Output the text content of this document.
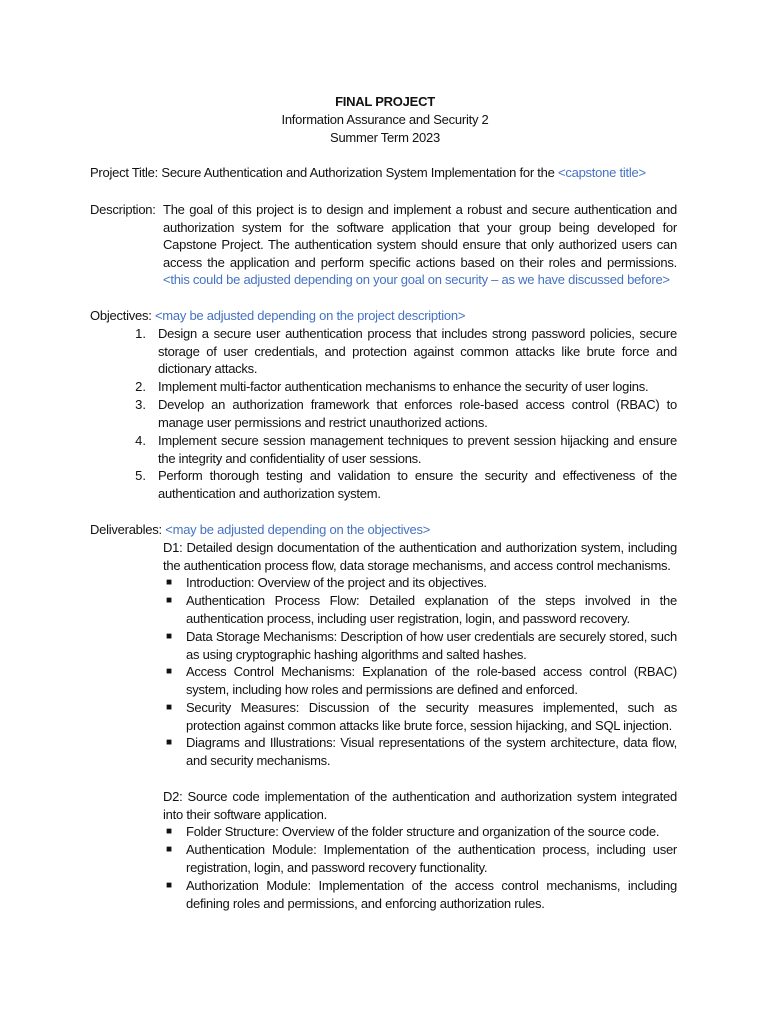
FINAL PROJECT

Information Assurance and Security 2

Summer Term 2023

Project Title: Secure Authentication and Authorization System Implementation for the <capstone title>

Description: The goal of this project is to design and implement a robust and secure authentication and authorization system for the software application that your group being developed for Capstone Project. The authentication system should ensure that only authorized users can access the application and perform specific actions based on their roles and permissions. <this could be adjusted depending on your goal on security – as we have discussed before>

Objectives: <may be adjusted depending on the project description>

1. Design a secure user authentication process that includes strong password policies, secure storage of user credentials, and protection against common attacks like brute force and dictionary attacks.

2. Implement multi-factor authentication mechanisms to enhance the security of user logins.

3. Develop an authorization framework that enforces role-based access control (RBAC) to manage user permissions and restrict unauthorized actions.

4. Implement secure session management techniques to prevent session hijacking and ensure the integrity and confidentiality of user sessions.

5. Perform thorough testing and validation to ensure the security and effectiveness of the authentication and authorization system.

Deliverables: <may be adjusted depending on the objectives>

D1: Detailed design documentation of the authentication and authorization system, including the authentication process flow, data storage mechanisms, and access control mechanisms.

■ Introduction: Overview of the project and its objectives.

■ Authentication Process Flow: Detailed explanation of the steps involved in the authentication process, including user registration, login, and password recovery.

■ Data Storage Mechanisms: Description of how user credentials are securely stored, such as using cryptographic hashing algorithms and salted hashes.

■ Access Control Mechanisms: Explanation of the role-based access control (RBAC) system, including how roles and permissions are defined and enforced.

■ Security Measures: Discussion of the security measures implemented, such as protection against common attacks like brute force, session hijacking, and SQL injection.

■ Diagrams and Illustrations: Visual representations of the system architecture, data flow, and security mechanisms.

D2: Source code implementation of the authentication and authorization system integrated into their software application.

■ Folder Structure: Overview of the folder structure and organization of the source code.

■ Authentication Module: Implementation of the authentication process, including user registration, login, and password recovery functionality.

■ Authorization Module: Implementation of the access control mechanisms, including defining roles and permissions, and enforcing authorization rules.
